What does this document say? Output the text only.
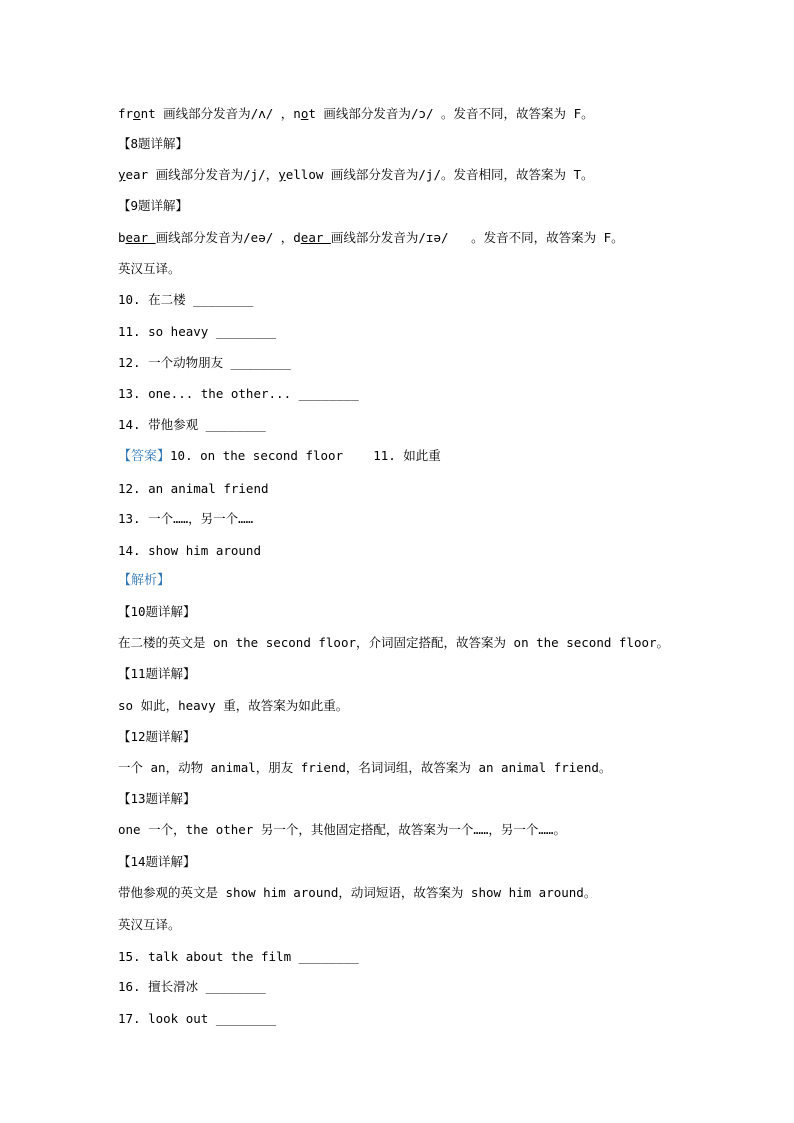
front 画线部分发音为/ʌ/ ，not 画线部分发音为/ɔ/ 。发音不同，故答案为 F。
【8题详解】
year 画线部分发音为/j/，yellow 画线部分发音为/j/。发音相同，故答案为 T。
【9题详解】
bear 画线部分发音为/eə/ ，dear 画线部分发音为/ɪə/   。发音不同，故答案为 F。
英汉互译。
10. 在二楼 ________
11. so heavy ________
12. 一个动物朋友 ________
13. one... the other... ________
14. 带他参观 ________
【答案】10. on the second floor    11. 如此重
12. an animal friend
13. 一个……，另一个……
14. show him around
【解析】
【10题详解】
在二楼的英文是 on the second floor，介词固定搭配，故答案为 on the second floor。
【11题详解】
so 如此，heavy 重，故答案为如此重。
【12题详解】
一个 an，动物 animal，朋友 friend，名词词组，故答案为 an animal friend。
【13题详解】
one 一个，the other 另一个，其他固定搭配，故答案为一个……，另一个……。
【14题详解】
带他参观的英文是 show him around，动词短语，故答案为 show him around。
英汉互译。
15. talk about the film ________
16. 擅长滑冰 ________
17. look out ________
